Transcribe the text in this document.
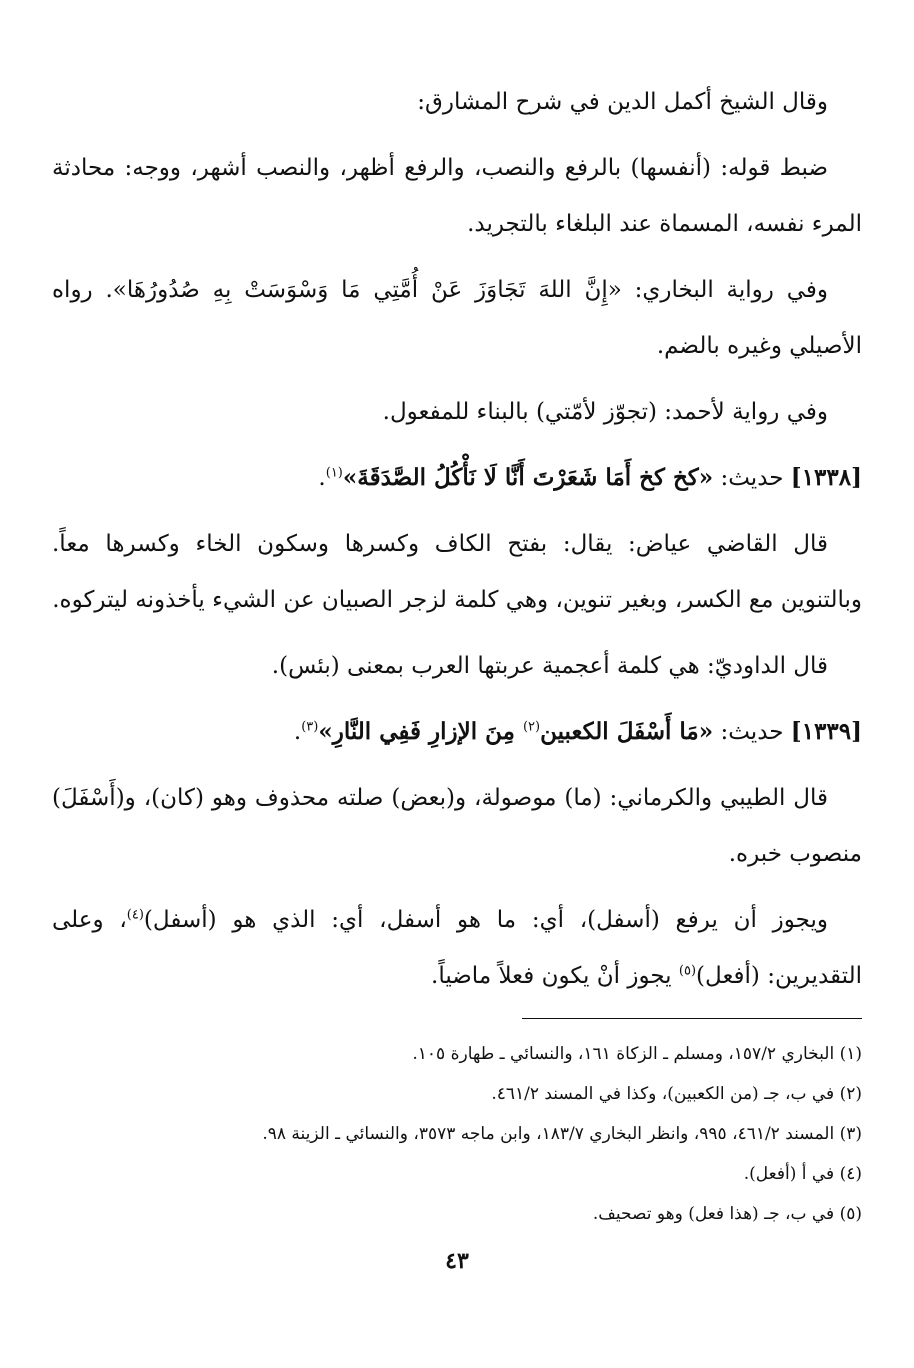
وقال الشيخ أكمل الدين في شرح المشارق:

ضبط قوله: (أنفسها) بالرفع والنصب، والرفع أظهر، والنصب أشهر، ووجه: محادثة المرء نفسه، المسماة عند البلغاء بالتجريد.

وفي رواية البخاري: «إِنَّ اللهَ تَجَاوَزَ عَنْ أُمَّتِي مَا وَسْوَسَتْ بِهِ صُدُورُهَا». رواه الأصيلي وغيره بالضم.

وفي رواية لأحمد: (تجوّز لأمّتي) بالبناء للمفعول.

[١٣٣٨] حديث: «كخ كخ أَمَا شَعَرْتَ أَنَّا لَا نَأْكُلُ الصَّدَقَةَ»$^{(١)}$.

قال القاضي عياض: يقال: بفتح الكاف وكسرها وسكون الخاء وكسرها معاً. وبالتنوين مع الكسر، وبغير تنوين، وهي كلمة لزجر الصبيان عن الشيء يأخذونه ليتركوه.

قال الداوديّ: هي كلمة أعجمية عربتها العرب بمعنى (بئس).

[١٣٣٩] حديث: «مَا أَسْفَلَ الكعبين$^{(٢)}$ مِنَ الإزارِ فَفِي النَّارِ»$^{(٣)}$.

قال الطيبي والكرماني: (ما) موصولة، و(بعض) صلته محذوف وهو (كان)، و(أَسْفَلَ) منصوب خبره.

ويجوز أن يرفع (أسفل)، أي: ما هو أسفل، أي: الذي هو (أسفل)$^{(٤)}$، وعلى التقديرين: (أفعل)$^{(٥)}$ يجوز أنْ يكون فعلاً ماضياً.

(١) البخاري ١٥٧/٢، ومسلم ـ الزكاة ١٦١، والنسائي ـ طهارة ١٠٥.
(٢) في ب، جـ (من الكعبين)، وكذا في المسند ٤٦١/٢.
(٣) المسند ٤٦١/٢، ٩٩٥، وانظر البخاري ١٨٣/٧، وابن ماجه ٣٥٧٣، والنسائي ـ الزينة ٩٨.
(٤) في أ (أفعل).
(٥) في ب، جـ (هذا فعل) وهو تصحيف.
٤٣
